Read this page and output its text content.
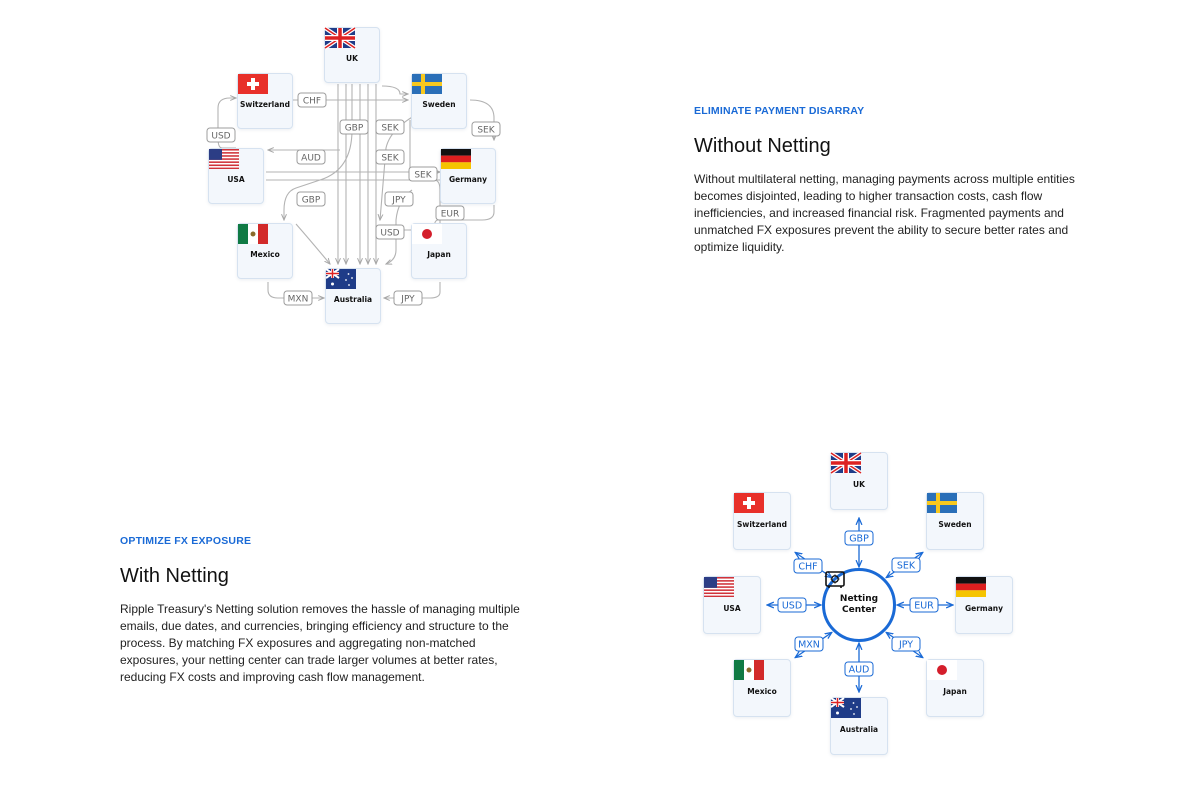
ELIMINATE PAYMENT DISARRAY
Without Netting
Without multilateral netting, managing payments across multiple entities becomes disjointed, leading to higher transaction costs, cash flow inefficiencies, and increased financial risk. Fragmented payments and unmatched FX exposures prevent the ability to secure better rates and optimize liquidity.
OPTIMIZE FX EXPOSURE
With Netting
Ripple Treasury's Netting solution removes the hassle of managing multiple emails, due dates, and currencies, bringing efficiency and structure to the process. By matching FX exposures and aggregating non-matched exposures, your netting center can trade larger volumes at better rates, reducing FX costs and improving cash flow management.
CHF
USD
GBP SEK	SEK
AUD	SEK
SEK
GBP	JPY
EUR
USD
MXN	JPY
UK
Switzerland	Sweden
USA	Germany
Mexico	Japan
Australia
GBP
CHF	SEK
USD	EUR
MXN	JPY
AUD
Netting Center
UK
Switzerland	Sweden
USA	Germany
Mexico	Japan
Australia
